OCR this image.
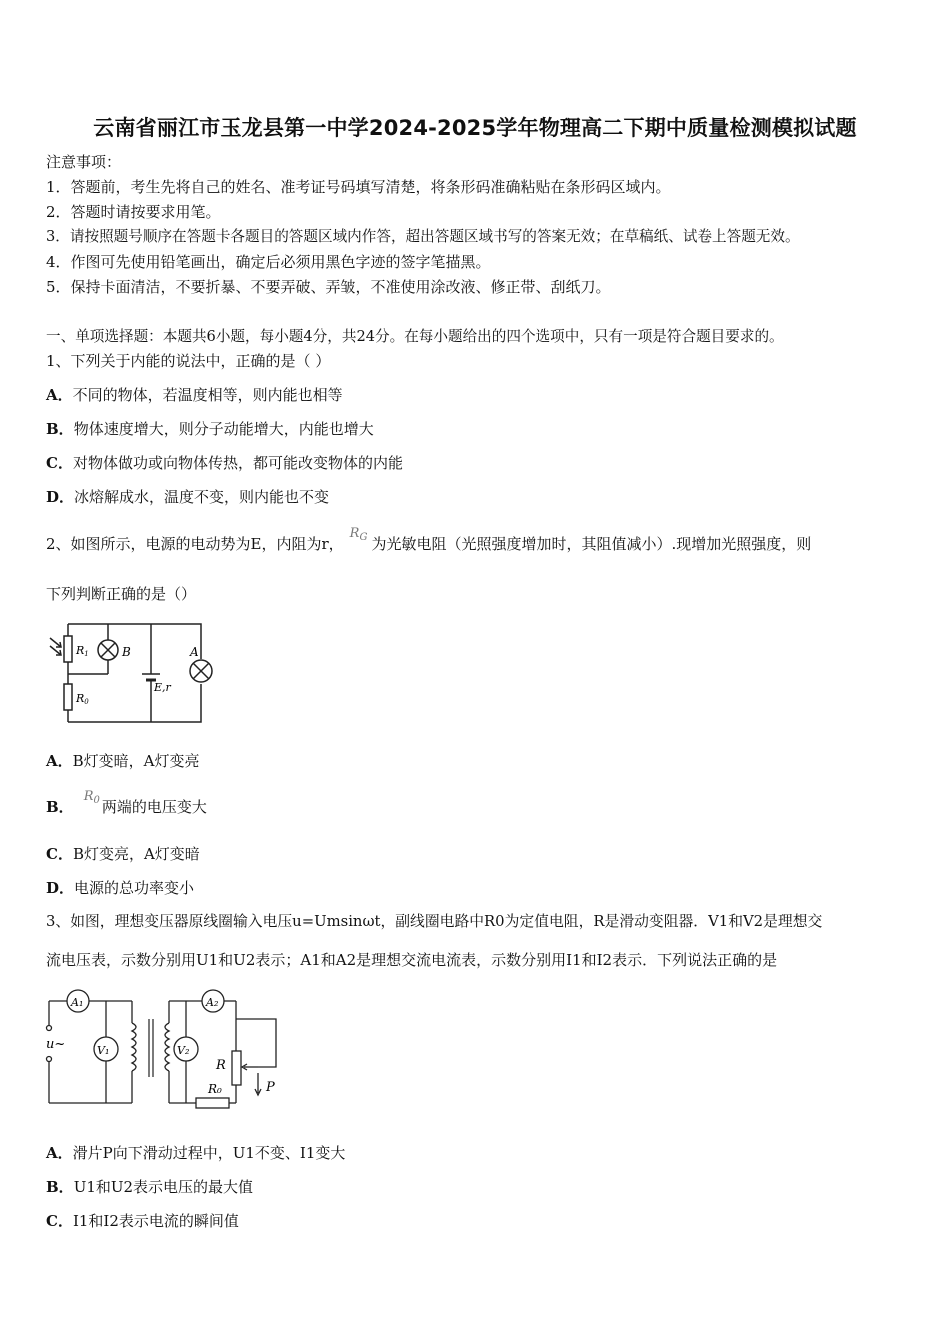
云南省丽江市玉龙县第一中学2024-2025学年物理高二下期中质量检测模拟试题
注意事项：
1．答题前，考生先将自己的姓名、准考证号码填写清楚，将条形码准确粘贴在条形码区域内。
2．答题时请按要求用笔。
3．请按照题号顺序在答题卡各题目的答题区域内作答，超出答题区域书写的答案无效；在草稿纸、试卷上答题无效。
4．作图可先使用铅笔画出，确定后必须用黑色字迹的签字笔描黑。
5．保持卡面清洁，不要折暴、不要弄破、弄皱，不准使用涂改液、修正带、刮纸刀。
一、单项选择题：本题共6小题，每小题4分，共24分。在每小题给出的四个选项中，只有一项是符合题目要求的。
1、下列关于内能的说法中，正确的是（ ）
A．不同的物体，若温度相等，则内能也相等
B．物体速度增大，则分子动能增大，内能也增大
C．对物体做功或向物体传热，都可能改变物体的内能
D．冰熔解成水，温度不变，则内能也不变
2、如图所示，电源的电动势为E，内阻为r，$R_G$ 为光敏电阻（光照强度增加时，其阻值减小）.现增加光照强度，则
下列判断正确的是（）
R1	B	A
R0
E,r
A．B灯变暗，A灯变亮
B．$R_0$ 两端的电压变大
C．B灯变亮，A灯变暗
D．电源的总功率变小
3、如图，理想变压器原线圈输入电压u=Umsinωt，副线圈电路中R0为定值电阻，R是滑动变阻器．V1和V2是理想交
流电压表，示数分别用U1和U2表示；A1和A2是理想交流电流表，示数分别用I1和I2表示．下列说法正确的是
A₁
V₁
A₂
V₂
u~
R
R₀	P
A．滑片P向下滑动过程中，U1不变、I1变大
B．U1和U2表示电压的最大值
C．I1和I2表示电流的瞬间值
